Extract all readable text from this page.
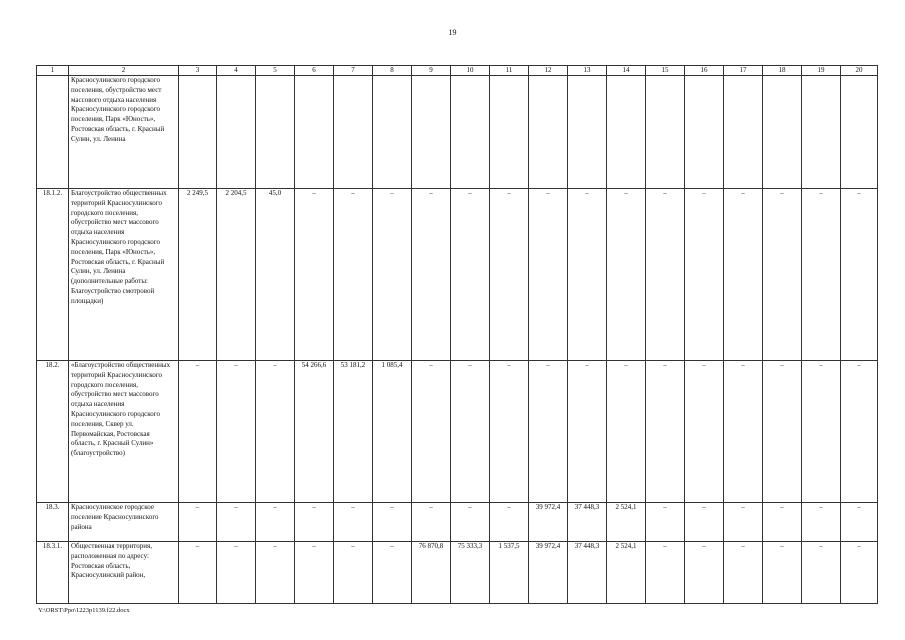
19
1	2	3	4	5	6	7	8	9	10	11	12	13	14	15	16	17	18	19	20
	Красносулинского городского поселения, обустройство мест массового отдыха населения Красносулинского городского поселения, Парк «Юность», Ростовская область, г. Красный Сулин, ул. Ленина																		
18.1.2.	Благоустройство общественных территорий Красносулинского городского поселения, обустройство мест массового отдыха населения Красносулинского городского поселения, Парк «Юность», Ростовская область, г. Красный Сулин, ул. Ленина (дополнительные работы: Благоустройство смотровой площадки)	2 249,5	2 204,5	45,0	–	–	–	–	–	–	–	–	–	–	–	–	–	–	–
18.2.	«Благоустройство общественных территорий Красносулинского городского поселения, обустройство мест массового отдыха населения Красносулинского городского поселения, Сквер ул. Первомайская, Ростовская область, г. Красный Сулин» (благоустройство)	–	–	–	54 266,6	53 181,2	1 085,4	–	–	–	–	–	–	–	–	–	–	–	–
18.3.	Красносулинское городское поселение Красносулинского района	–	–	–	–	–	–	–	–	–	39 972,4	37 448,3	2 524,1	–	–	–	–	–	–
18.3.1.	Общественная территория, расположенная по адресу: Ростовская область, Красносулинский район,	–	–	–	–	–	–	76 870,8	75 333,3	1 537,5	39 972,4	37 448,3	2 524,1	–	–	–	–	–	–
Y:\ORST\Ppo\1223p1139.f22.docx
